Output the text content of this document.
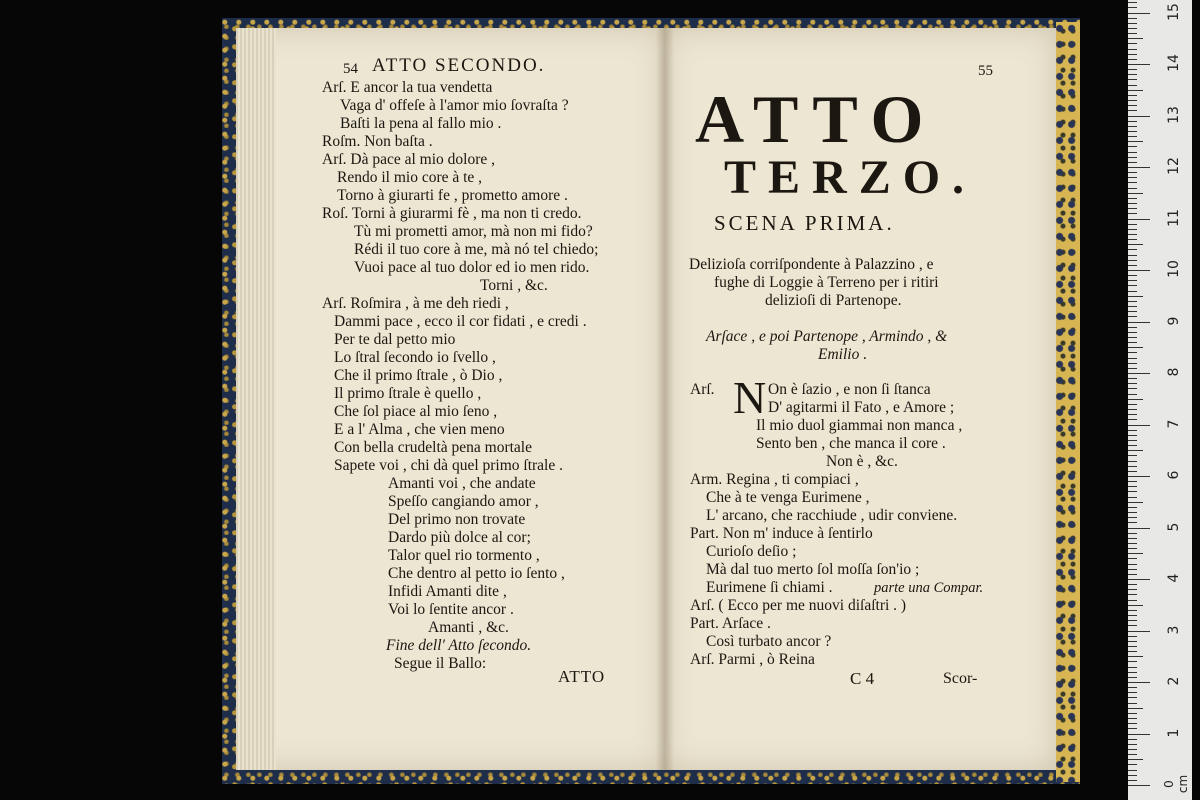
54 ATTO SECONDO.
Arſ. E ancor la tua vendetta
Vaga d' offeſe à l'amor mio ſovraſta ?
Baſti la pena al fallo mio .
Roſm. Non baſta .
Arſ. Dà pace al mio dolore ,
Rendo il mio core à te ,
Torno à giurarti fe , prometto amore .
Roſ. Torni à giurarmi fè , ma non ti credo.
Tù mi prometti amor, mà non mi fido?
Rédi il tuo core à me, mà nó tel chiedo;
Vuoi pace al tuo dolor ed io men rido.
Torni , &c.
Arſ. Roſmira , à me deh riedi ,
Dammi pace , ecco il cor fidati , e credi .
Per te dal petto mio
Lo ſtral ſecondo io ſvello ,
Che il primo ſtrale , ò Dio ,
Il primo ſtrale è quello ,
Che ſol piace al mio ſeno ,
E a l' Alma , che vien meno
Con bella crudeltà pena mortale
Sapete voi , chi dà quel primo ſtrale .
Amanti voi , che andate
Speſſo cangiando amor ,
Del primo non trovate
Dardo più dolce al cor;
Talor quel rio tormento ,
Che dentro al petto io ſento ,
Infidi Amanti dite ,
Voi lo ſentite ancor .
Amanti , &c.
Fine dell' Atto ſecondo.
Segue il Ballo:
ATTO
55
ATTO
TERZO.
SCENA PRIMA.
Delizioſa corriſpondente à Palazzino , e
fughe di Loggie à Terreno per i ritiri
delizioſi di Partenope.
Arſace , e poi Partenope , Armindo , &
Emilio .
Arſ. N On è ſazio , e non ſi ſtanca
D' agitarmi il Fato , e Amore ;
Il mio duol giammai non manca ,
Sento ben , che manca il core .
Non è , &c.
Arm. Regina , ti compiaci ,
Che à te venga Eurimene ,
L' arcano, che racchiude , udir conviene.
Part. Non m' induce à ſentirlo
Curioſo deſio ;
Mà dal tuo merto ſol moſſa ſon'io ;
Eurimene ſi chiami .	parte una Compar.
Arſ. ( Ecco per me nuovi diſaſtri . )
Part. Arſace .
Così turbato ancor ?
Arſ. Parmi , ò Reina
C 4	Scor-
0 cm
1
2
3
4
5
6
7
8
9
10
11
12
13
14
15
